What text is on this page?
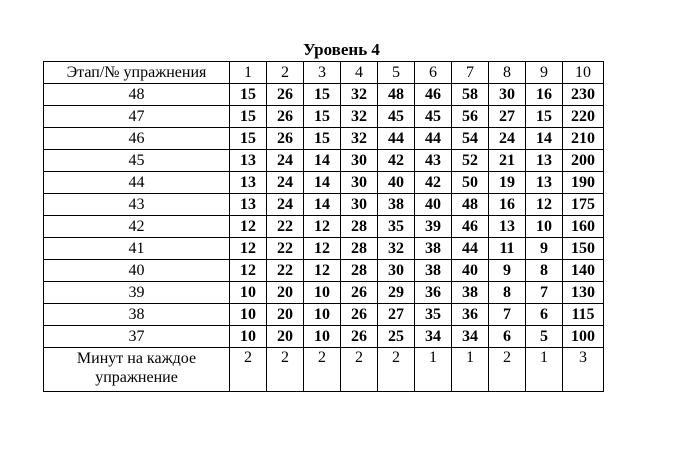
Уровень 4
Этап/№ упражнения	1	2	3	4	5	6	7	8	9	10
48	15	26	15	32	48	46	58	30	16	230
47	15	26	15	32	45	45	56	27	15	220
46	15	26	15	32	44	44	54	24	14	210
45	13	24	14	30	42	43	52	21	13	200
44	13	24	14	30	40	42	50	19	13	190
43	13	24	14	30	38	40	48	16	12	175
42	12	22	12	28	35	39	46	13	10	160
41	12	22	12	28	32	38	44	11	9	150
40	12	22	12	28	30	38	40	9	8	140
39	10	20	10	26	29	36	38	8	7	130
38	10	20	10	26	27	35	36	7	6	115
37	10	20	10	26	25	34	34	6	5	100
Минут на каждое упражнение	2	2	2	2	2	1	1	2	1	3
